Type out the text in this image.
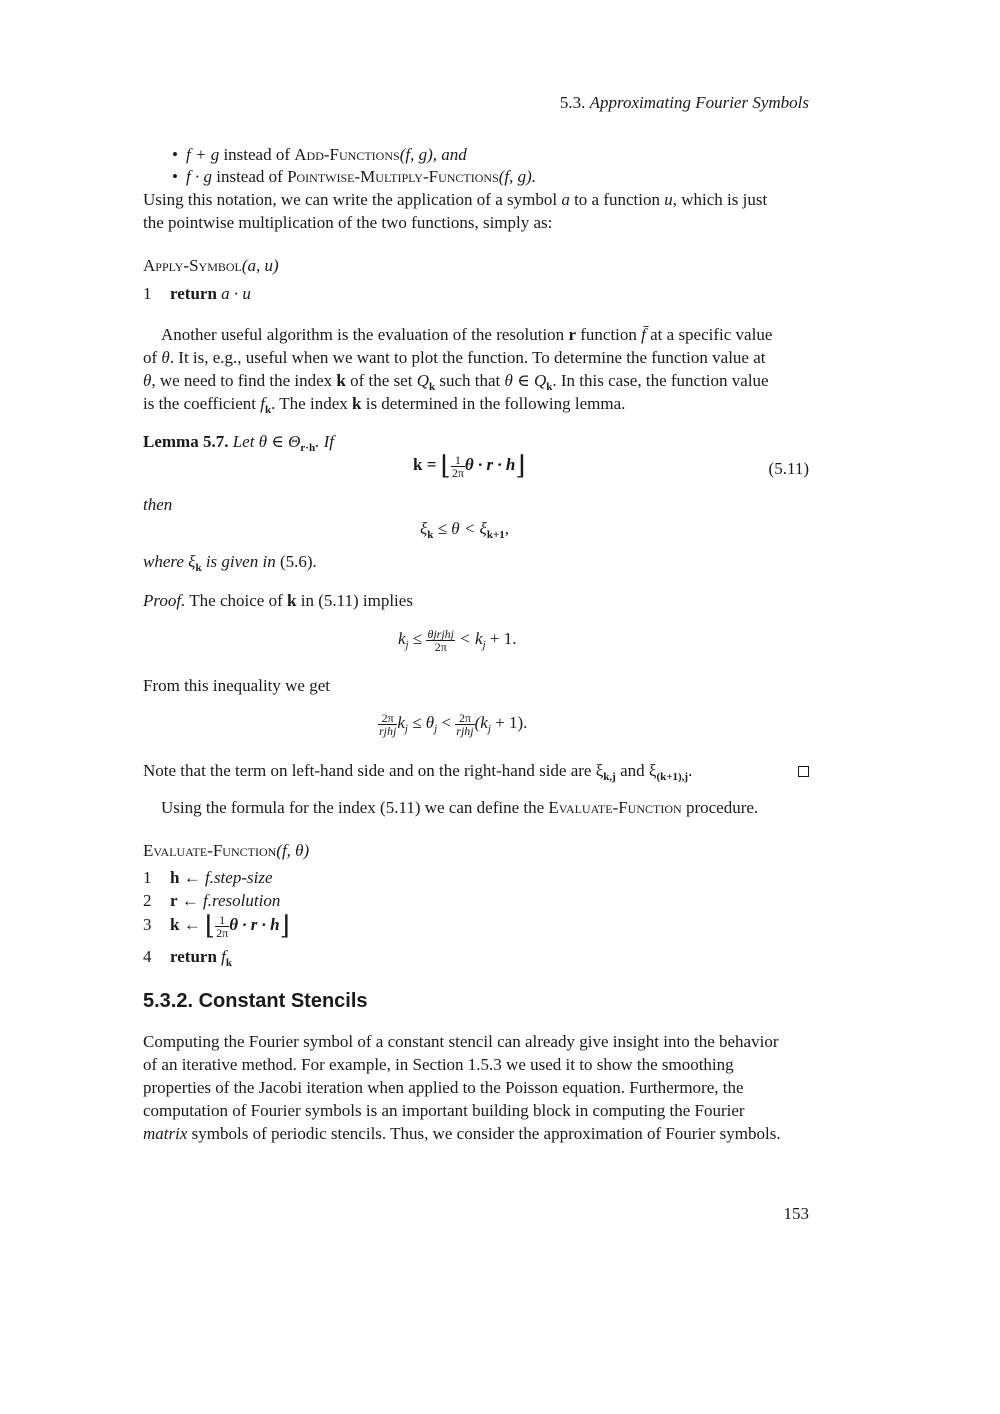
5.3. Approximating Fourier Symbols
• f + g instead of Add-Functions(f, g), and
• f · g instead of Pointwise-Multiply-Functions(f, g).
Using this notation, we can write the application of a symbol a to a function u, which is just
the pointwise multiplication of the two functions, simply as:
Apply-Symbol(a, u)
1 return a · u
Another useful algorithm is the evaluation of the resolution r function f̄ at a specific value
of θ. It is, e.g., useful when we want to plot the function. To determine the function value at
θ, we need to find the index k of the set $Q_k$ such that θ ∈ $Q_k$. In this case, the function value
is the coefficient $f_k$. The index k is determined in the following lemma.
Lemma 5.7. Let θ ∈ $\Theta_{r\cdot h}$. If
k = ⌊ $\frac{1}{2\pi}$ θ · r · h⌋	(5.11)
then
$\xi_k \le \theta < \xi_{k+1}$,
where $\xi_k$ is given in (5.6).
Proof. The choice of k in (5.11) implies
$k_j \le \frac{\text{θjrjhj}}{2\pi} < k_j + 1$.
From this inequality we get
$\frac{2\pi}{\text{rjhj}} k_j \le \theta_j < \frac{2\pi}{\text{rjhj}} (k_j + 1)$.
Note that the term on left-hand side and on the right-hand side are $\xi_{k,j}$ and $\xi_{(k+1),j}$.
Using the formula for the index (5.11) we can define the Evaluate-Function procedure.
Evaluate-Function(f, θ)
1 h ← f.step-size
2 r ← f.resolution
3 k ← ⌊ $\frac{1}{2\pi}$ θ · r · h⌋
4 return $f_k$
5.3.2. Constant Stencils
Computing the Fourier symbol of a constant stencil can already give insight into the behavior
of an iterative method. For example, in Section 1.5.3 we used it to show the smoothing
properties of the Jacobi iteration when applied to the Poisson equation. Furthermore, the
computation of Fourier symbols is an important building block in computing the Fourier
matrix symbols of periodic stencils. Thus, we consider the approximation of Fourier symbols.
153
